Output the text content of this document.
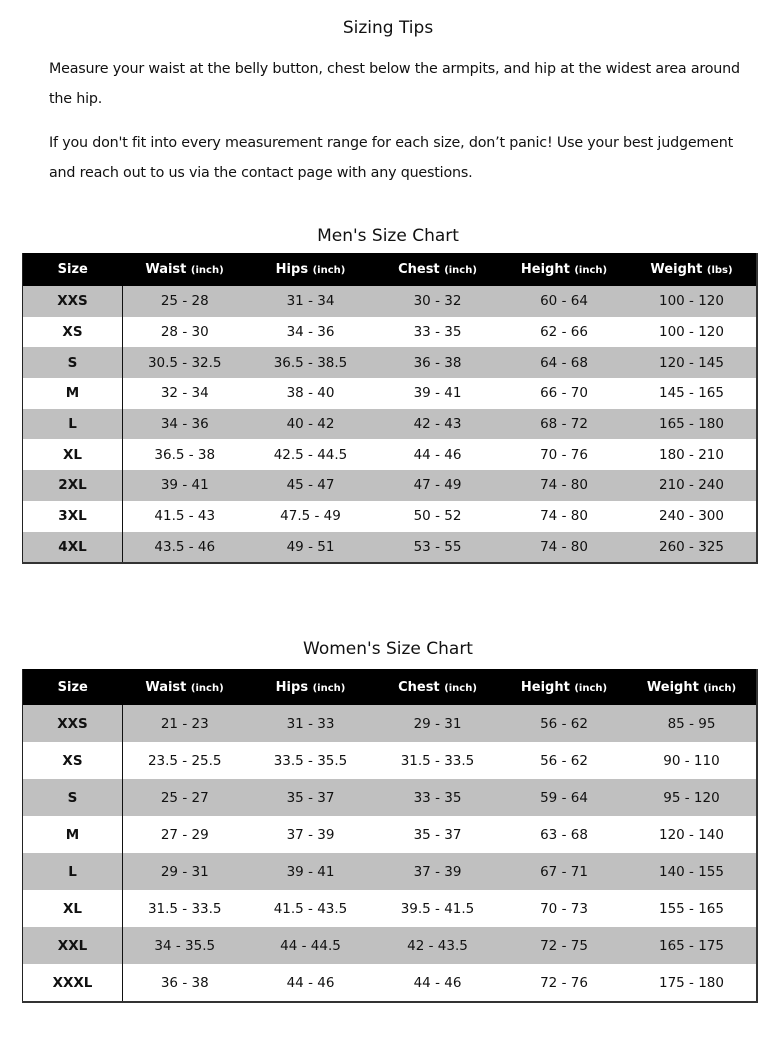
Sizing Tips
Measure your waist at the belly button, chest below the armpits, and hip at the widest area around the hip.
If you don't fit into every measurement range for each size, don’t panic! Use your best judgement and reach out to us via the contact page with any questions.
Men's Size Chart
Size	Waist (inch)	Hips (inch)	Chest (inch)	Height (inch)	Weight (lbs)
XXS	25 - 28	31 - 34	30 - 32	60 - 64	100 - 120
XS	28 - 30	34 - 36	33 - 35	62 - 66	100 - 120
S	30.5 - 32.5	36.5 - 38.5	36 - 38	64 - 68	120 - 145
M	32 - 34	38 - 40	39 - 41	66 - 70	145 - 165
L	34 - 36	40 - 42	42 - 43	68 - 72	165 - 180
XL	36.5 - 38	42.5 - 44.5	44 - 46	70 - 76	180 - 210
2XL	39 - 41	45 - 47	47 - 49	74 - 80	210 - 240
3XL	41.5 - 43	47.5 - 49	50 - 52	74 - 80	240 - 300
4XL	43.5 - 46	49 - 51	53 - 55	74 - 80	260 - 325
Women's Size Chart
Size	Waist (inch)	Hips (inch)	Chest (inch)	Height (inch)	Weight (inch)
XXS	21 - 23	31 - 33	29 - 31	56 - 62	85 - 95
XS	23.5 - 25.5	33.5 - 35.5	31.5 - 33.5	56 - 62	90 - 110
S	25 - 27	35 - 37	33 - 35	59 - 64	95 - 120
M	27 - 29	37 - 39	35 - 37	63 - 68	120 - 140
L	29 - 31	39 - 41	37 - 39	67 - 71	140 - 155
XL	31.5 - 33.5	41.5 - 43.5	39.5 - 41.5	70 - 73	155 - 165
XXL	34 - 35.5	44 - 44.5	42 - 43.5	72 - 75	165 - 175
XXXL	36 - 38	44 - 46	44 - 46	72 - 76	175 - 180
